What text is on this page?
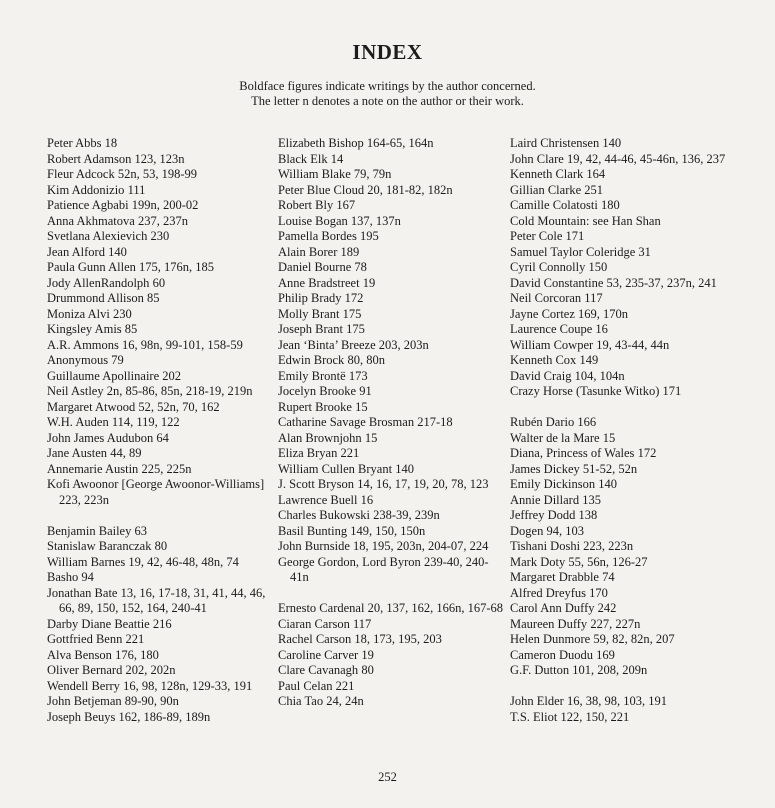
INDEX
Boldface figures indicate writings by the author concerned.
The letter n denotes a note on the author or their work.
Peter Abbs 18
Robert Adamson 123, 123n
Fleur Adcock 52n, 53, 198-99
Kim Addonizio 111
Patience Agbabi 199n, 200-02
Anna Akhmatova 237, 237n
Svetlana Alexievich 230
Jean Alford 140
Paula Gunn Allen 175, 176n, 185
Jody AllenRandolph 60
Drummond Allison 85
Moniza Alvi 230
Kingsley Amis 85
A.R. Ammons 16, 98n, 99-101, 158-59
Anonymous 79
Guillaume Apollinaire 202
Neil Astley 2n, 85-86, 85n, 218-19, 219n
Margaret Atwood 52, 52n, 70, 162
W.H. Auden 114, 119, 122
John James Audubon 64
Jane Austen 44, 89
Annemarie Austin 225, 225n
Kofi Awoonor [George Awoonor-Williams] 223, 223n
Benjamin Bailey 63
Stanislaw Baranczak 80
William Barnes 19, 42, 46-48, 48n, 74
Basho 94
Jonathan Bate 13, 16, 17-18, 31, 41, 44, 46, 66, 89, 150, 152, 164, 240-41
Darby Diane Beattie 216
Gottfried Benn 221
Alva Benson 176, 180
Oliver Bernard 202, 202n
Wendell Berry 16, 98, 128n, 129-33, 191
John Betjeman 89-90, 90n
Joseph Beuys 162, 186-89, 189n
Elizabeth Bishop 164-65, 164n
Black Elk 14
William Blake 79, 79n
Peter Blue Cloud 20, 181-82, 182n
Robert Bly 167
Louise Bogan 137, 137n
Pamella Bordes 195
Alain Borer 189
Daniel Bourne 78
Anne Bradstreet 19
Philip Brady 172
Molly Brant 175
Joseph Brant 175
Jean ‘Binta’ Breeze 203, 203n
Edwin Brock 80, 80n
Emily Brontë 173
Jocelyn Brooke 91
Rupert Brooke 15
Catharine Savage Brosman 217-18
Alan Brownjohn 15
Eliza Bryan 221
William Cullen Bryant 140
J. Scott Bryson 14, 16, 17, 19, 20, 78, 123
Lawrence Buell 16
Charles Bukowski 238-39, 239n
Basil Bunting 149, 150, 150n
John Burnside 18, 195, 203n, 204-07, 224
George Gordon, Lord Byron 239-40, 240-41n
Ernesto Cardenal 20, 137, 162, 166n, 167-68
Ciaran Carson 117
Rachel Carson 18, 173, 195, 203
Caroline Carver 19
Clare Cavanagh 80
Paul Celan 221
Chia Tao 24, 24n
Laird Christensen 140
John Clare 19, 42, 44-46, 45-46n, 136, 237
Kenneth Clark 164
Gillian Clarke 251
Camille Colatosti 180
Cold Mountain: see Han Shan
Peter Cole 171
Samuel Taylor Coleridge 31
Cyril Connolly 150
David Constantine 53, 235-37, 237n, 241
Neil Corcoran 117
Jayne Cortez 169, 170n
Laurence Coupe 16
William Cowper 19, 43-44, 44n
Kenneth Cox 149
David Craig 104, 104n
Crazy Horse (Tasunke Witko) 171
Rubén Dario 166
Walter de la Mare 15
Diana, Princess of Wales 172
James Dickey 51-52, 52n
Emily Dickinson 140
Annie Dillard 135
Jeffrey Dodd 138
Dogen 94, 103
Tishani Doshi 223, 223n
Mark Doty 55, 56n, 126-27
Margaret Drabble 74
Alfred Dreyfus 170
Carol Ann Duffy 242
Maureen Duffy 227, 227n
Helen Dunmore 59, 82, 82n, 207
Cameron Duodu 169
G.F. Dutton 101, 208, 209n
John Elder 16, 38, 98, 103, 191
T.S. Eliot 122, 150, 221
252
